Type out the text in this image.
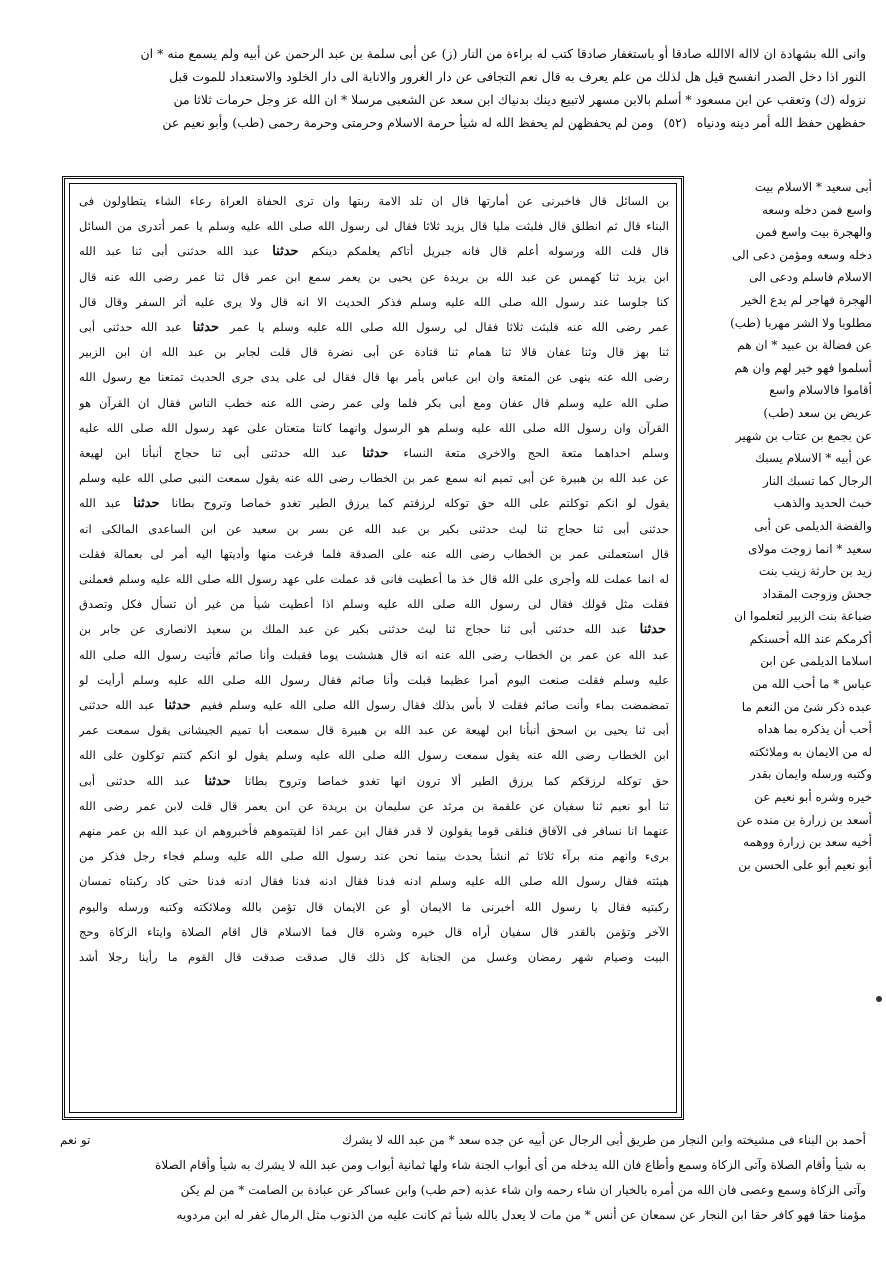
وانى الله بشهادة ان لااله الاالله صادقا أو باستغفار صادقا كتب له براءة من النار (ز) عن أبى سلمة بن عبد الرحمن عن أبيه ولم يسمع منه * ان
النور اذا دخل الصدر انفسح قيل هل لذلك من علم يعرف به قال نعم التجافى عن دار الغرور والانابة الى دار الخلود والاستعداد للموت قبل
نزوله (ك) وتعقب عن ابن مسعود * أسلم بالابن مسهر لاتبيع دينك بدنياك ابن سعد عن الشعبى مرسلا * ان الله عز وجل حرمات ثلاثا من
حفظهن حفظ الله أمر دينه ودنياه (٥٢) ومن لم يحفظهن لم يحفظ الله له شيأ حرمة الاسلام وحرمتى وحرمة رحمى (طب) وأبو نعيم عن
بن السائل قال فاخبرنى عن أمارتها قال ان تلد الامة ربتها وان ترى الحفاة العراة رعاء الشاء يتطاولون فى
البناء قال ثم انطلق قال فلبثت مليا قال يزيد ثلاثا فقال لى رسول الله صلى الله عليه وسلم يا عمر أتدرى من السائل
قال قلت الله ورسوله أعلم قال فانه جبريل أتاكم يعلمكم دينكم حدثنا عبد الله حدثنى أبى ثنا عبد الله
ابن يزيد ثنا كهمس عن عبد الله بن بريدة عن يحيى بن يعمر سمع ابن عمر قال ثنا عمر رضى الله عنه قال
كنا جلوسا عند رسول الله صلى الله عليه وسلم فذكر الحديث الا انه قال ولا يرى عليه أثر السفر وقال قال
عمر رضى الله عنه فلبثت ثلاثا فقال لى رسول الله صلى الله عليه وسلم يا عمر حدثنا عبد الله حدثنى أبى
ثنا بهز قال وثنا عفان قالا ثنا همام ثنا قتادة عن أبى نضرة قال قلت لجابر بن عبد الله ان ابن الزبير
رضى الله عنه ينهى عن المتعة وان ابن عباس يأمر بها قال فقال لى على يدى جرى الحديث تمتعنا مع رسول الله
صلى الله عليه وسلم قال عفان ومع أبى بكر فلما ولى عمر رضى الله عنه خطب الناس فقال ان القرآن هو
القرآن وان رسول الله صلى الله عليه وسلم هو الرسول وانهما كانتا متعتان على عهد رسول الله صلى الله عليه
وسلم احداهما متعة الحج والاخرى متعة النساء حدثنا عبد الله حدثنى أبى ثنا حجاج أنبأنا ابن لهيعة
عن عبد الله بن هبيرة عن أبى تميم انه سمع عمر بن الخطاب رضى الله عنه يقول سمعت النبى صلى الله عليه وسلم
يقول لو انكم توكلتم على الله حق توكله لرزقتم كما يرزق الطير تغدو خماصا وتروح بطانا حدثنا عبد الله
حدثنى أبى ثنا حجاج ثنا ليث حدثنى بكير بن عبد الله عن بسر بن سعيد عن ابن الساعدى المالكى انه
قال استعملنى عمر بن الخطاب رضى الله عنه على الصدقة فلما فرغت منها وأديتها اليه أمر لى بعمالة فقلت
له انما عملت لله وأجرى على الله قال خذ ما أعطيت فانى قد عملت على عهد رسول الله صلى الله عليه وسلم فعملنى
فقلت مثل قولك فقال لى رسول الله صلى الله عليه وسلم اذا أعطيت شيأ من غير أن تسأل فكل وتصدق
حدثنا عبد الله حدثنى أبى ثنا حجاج ثنا ليث حدثنى بكير عن عبد الملك بن سعيد الانصارى عن جابر بن
عبد الله عن عمر بن الخطاب رضى الله عنه انه قال هششت يوما فقبلت وأنا صائم فأتيت رسول الله صلى الله
عليه وسلم فقلت صنعت اليوم أمرا عظيما قبلت وأنا صائم فقال رسول الله صلى الله عليه وسلم أرأيت لو
تمضمضت بماء وأنت صائم فقلت لا بأس بذلك فقال رسول الله صلى الله عليه وسلم ففيم حدثنا عبد الله حدثنى
أبى ثنا يحيى بن اسحق أنبأنا ابن لهيعة عن عبد الله بن هبيرة قال سمعت أبا تميم الجيشانى يقول سمعت عمر
ابن الخطاب رضى الله عنه يقول سمعت رسول الله صلى الله عليه وسلم يقول لو انكم كنتم توكلون على الله
حق توكله لرزقكم كما يرزق الطير ألا ترون انها تغدو خماصا وتروح بطانا حدثنا عبد الله حدثنى أبى
ثنا أبو نعيم ثنا سفيان عن علقمة بن مرثد عن سليمان بن بريدة عن ابن يعمر قال قلت لابن عمر رضى الله
عنهما انا نسافر فى الآفاق فنلقى قوما يقولون لا قدر فقال ابن عمر اذا لقيتموهم فأخبروهم ان عبد الله بن عمر منهم
برىء وانهم منه برآء ثلاثا ثم انشأ يحدث بينما نحن عند رسول الله صلى الله عليه وسلم فجاء رجل فذكر من
هيئته فقال رسول الله صلى الله عليه وسلم ادنه فدنا فقال ادنه فدنا فقال ادنه فدنا حتى كاد ركبتاه تمسان
ركبتيه فقال يا رسول الله أخبرنى ما الايمان أو عن الايمان قال تؤمن بالله وملائكته وكتبه ورسله واليوم
الآخر وتؤمن بالقدر قال سفيان أراه قال خيره وشره قال فما الاسلام قال اقام الصلاة وايتاء الزكاة وحج
البيت وصيام شهر رمضان وغسل من الجنابة كل ذلك قال صدقت صدقت قال القوم ما رأينا رجلا أشد
أبى سعيد * الاسلام بيت
واسع فمن دخله وسعه
والهجرة بيت واسع فمن
دخله وسعه ومؤمن دعى الى
الاسلام فاسلم ودعى الى
الهجرة فهاجر لم يدع الخير
مطلوبا ولا الشر مهربا (طب)
عن فضالة بن عبيد * ان هم
أسلموا فهو خير لهم وان هم
أقاموا فالاسلام واسع
عريض بن سعد (طب)
عن بجمع بن عتاب بن شهير
عن أبيه * الاسلام يسبك
الرجال كما تسبك النار
خبث الحديد والذهب
والفضة الديلمى عن أبى
سعيد * انما زوجت مولاى
زيد بن حارثة زينب بنت
جحش وزوجت المقداد
ضباعة بنت الزبير لتعلموا ان
أكرمكم عند الله أحسنكم
اسلاما الديلمى عن ابن
عباس * ما أحب الله من
عبده ذكر شئ من النعم ما
أحب أن يذكره بما هداه
له من الايمان به وملائكته
وكتبه ورسله وايمان بقدر
خيره وشره أبو نعيم عن
أسعد بن زرارة بن منده عن
أخيه سعد بن زرارة ووهمه
أبو نعيم أبو على الحسن بن
أحمد بن البناء فى مشيخته وابن النجار من طريق أبى الرجال عن أبيه عن جده سعد * من عبد الله لا يشرك
تو نعم
به شيأ وأقام الصلاة وآتى الزكاة وسمع وأطاع فان الله يدخله من أى أبواب الجنة شاء ولها ثمانية أبواب ومن عبد الله لا يشرك به شيأ وأقام الصلاة
وآتى الزكاة وسمع وعصى فان الله من أمره بالخيار ان شاء رحمه وان شاء عذبه (حم طب) وابن عساكر عن عبادة بن الصامت * من لم يكن
مؤمنا حقا فهو كافر حقا ابن النجار عن سمعان عن أنس * من مات لا يعدل بالله شيأ ثم كانت عليه من الذنوب مثل الرمال غفر له ابن مردويه
